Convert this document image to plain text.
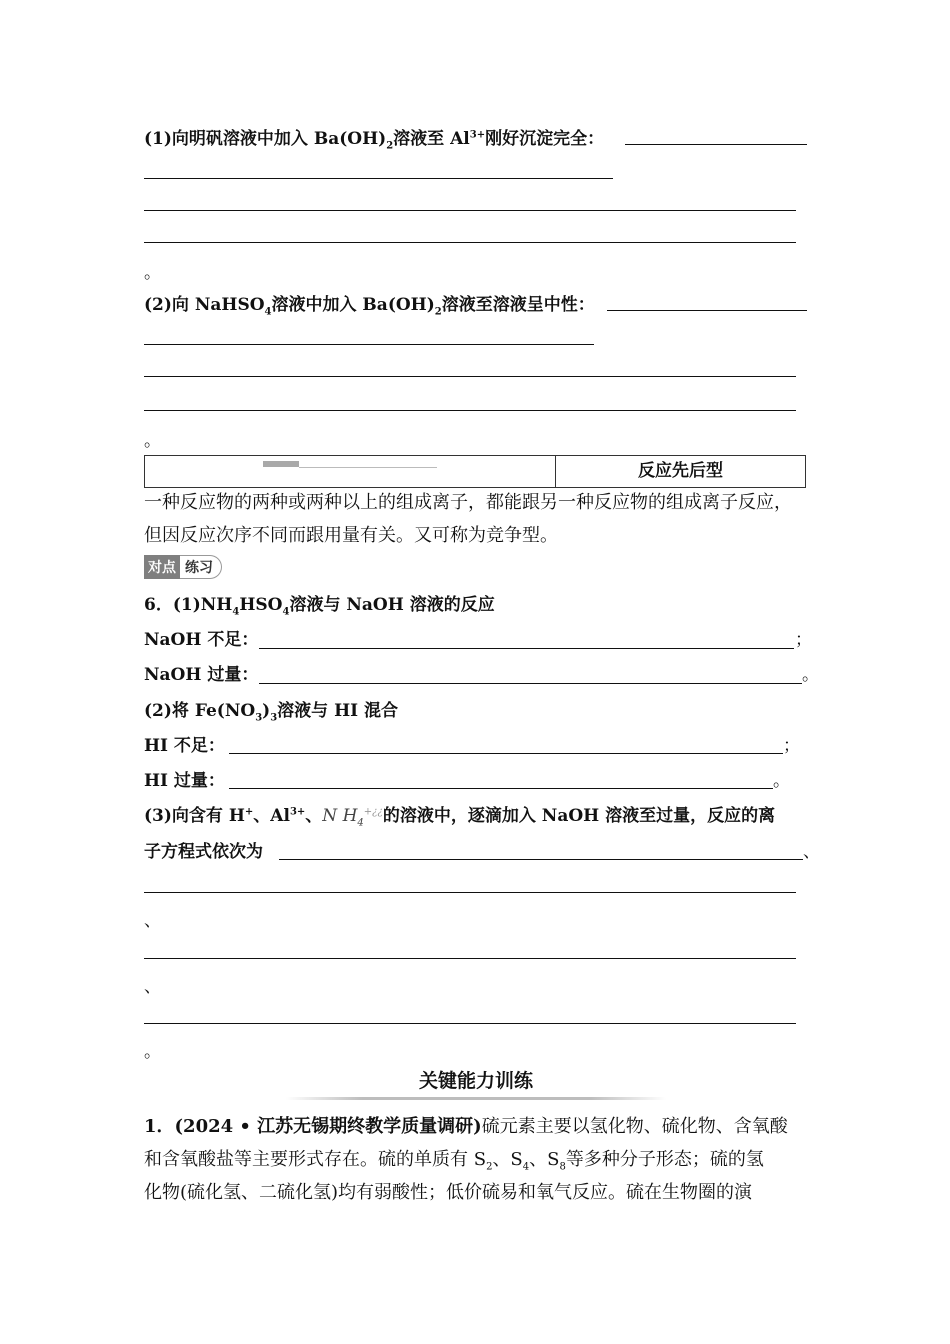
(1)向明矾溶液中加入 $Ba(OH)_2$溶液至 $Al^{3+}$刚好沉淀完全：
。
(2)向 NaHSO$_4$溶液中加入 $Ba(OH)_2$溶液至溶液呈中性：
。
反应先后型
一种反应物的两种或两种以上的组成离子，都能跟另一种反应物的组成离子反应，但因反应次序不同而跟用量有关。又可称为竞争型。
对点 练习
6．$(1)NH_4HSO_4$溶液与 NaOH 溶液的反应
NaOH 不足：	；
NaOH 过量：	。
(2)将 $Fe(NO_3)_3$溶液与 HI 混合
HI 不足：	；
HI 过量：	。
(3)向含有 H+、$Al^{3+}$、N $H_4^{+¿¿}$的溶液中，逐滴加入 NaOH 溶液至过量，反应的离
子方程式依次为	、
、
、
。
关键能力训练
1．(2024 • 江苏无锡期终教学质量调研)硫元素主要以氢化物、硫化物、含氧酸
和含氧酸盐等主要形式存在。硫的单质有 $S_2$、$S_4$、$S_8$等多种分子形态；硫的氢
化物(硫化氢、二硫化氢)均有弱酸性；低价硫易和氧气反应。硫在生物圈的演
